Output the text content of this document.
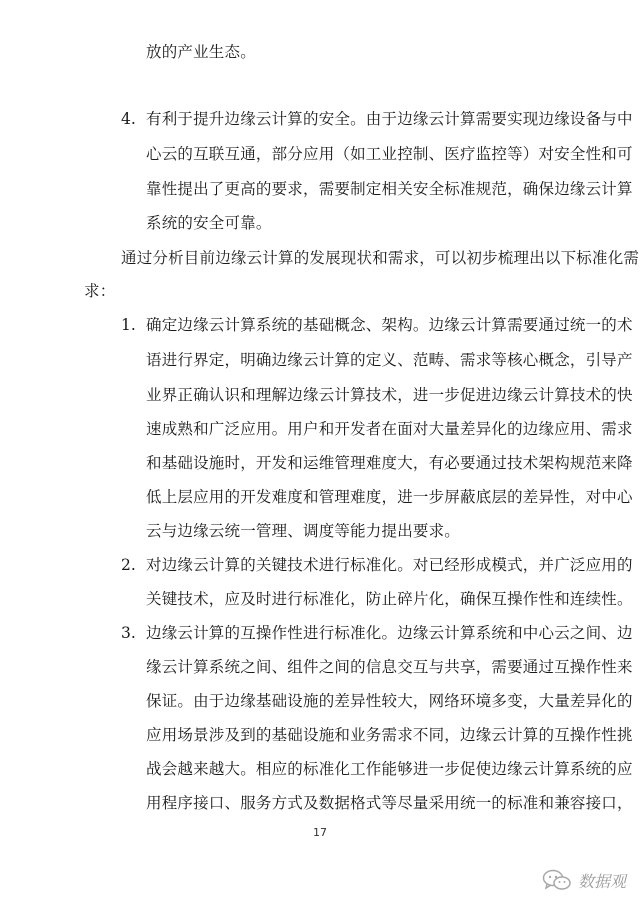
放的产业生态。
4. 有利于提升边缘云计算的安全。由于边缘云计算需要实现边缘设备与中
心云的互联互通，部分应用（如工业控制、医疗监控等）对安全性和可
靠性提出了更高的要求，需要制定相关安全标准规范，确保边缘云计算
系统的安全可靠。
通过分析目前边缘云计算的发展现状和需求，可以初步梳理出以下标准化需
求：
1. 确定边缘云计算系统的基础概念、架构。边缘云计算需要通过统一的术
语进行界定，明确边缘云计算的定义、范畴、需求等核心概念，引导产
业界正确认识和理解边缘云计算技术，进一步促进边缘云计算技术的快
速成熟和广泛应用。用户和开发者在面对大量差异化的边缘应用、需求
和基础设施时，开发和运维管理难度大，有必要通过技术架构规范来降
低上层应用的开发难度和管理难度，进一步屏蔽底层的差异性，对中心
云与边缘云统一管理、调度等能力提出要求。
2. 对边缘云计算的关键技术进行标准化。对已经形成模式，并广泛应用的
关键技术，应及时进行标准化，防止碎片化，确保互操作性和连续性。
3. 边缘云计算的互操作性进行标准化。边缘云计算系统和中心云之间、边
缘云计算系统之间、组件之间的信息交互与共享，需要通过互操作性来
保证。由于边缘基础设施的差异性较大，网络环境多变，大量差异化的
应用场景涉及到的基础设施和业务需求不同，边缘云计算的互操作性挑
战会越来越大。相应的标准化工作能够进一步促使边缘云计算系统的应
用程序接口、服务方式及数据格式等尽量采用统一的标准和兼容接口，
17
数据观
